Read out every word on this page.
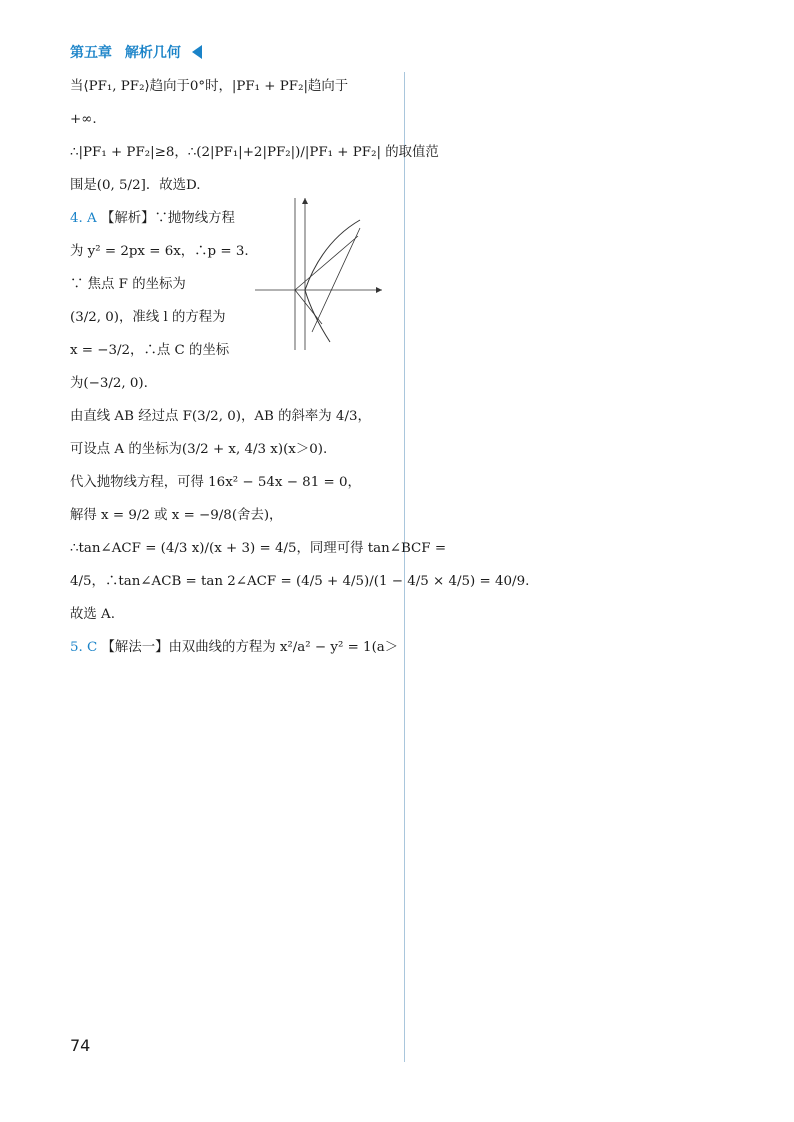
第五章 解析几何
当⟨PF₁, PF₂⟩趋向于0°时，|PF₁ + PF₂|趋向于
+∞.
∴|PF₁ + PF₂|≥8，∴(2|PF₁|+2|PF₂|)/|PF₁ + PF₂| 的取值范
围是(0, 5/2]．故选D.
4. A 【解析】∵抛物线方程
为 y² = 2px = 6x，∴p = 3.
∵ 焦点 F 的坐标为
(3/2, 0)，准线 l 的方程为
x = −3/2，∴点 C 的坐标
为(−3/2, 0).
由直线 AB 经过点 F(3/2, 0)，AB 的斜率为 4/3，
可设点 A 的坐标为(3/2 + x, 4/3 x)(x＞0).
代入抛物线方程，可得 16x² − 54x − 81 = 0，
解得 x = 9/2 或 x = −9/8(舍去)，
∴tan∠ACF = (4/3 x)/(x + 3) = 4/5，同理可得 tan∠BCF =
4/5，∴tan∠ACB = tan 2∠ACF = (4/5 + 4/5)/(1 − 4/5 × 4/5) = 40/9.
故选 A.
5. C 【解法一】由双曲线的方程为 x²/a² − y² = 1(a＞
74
